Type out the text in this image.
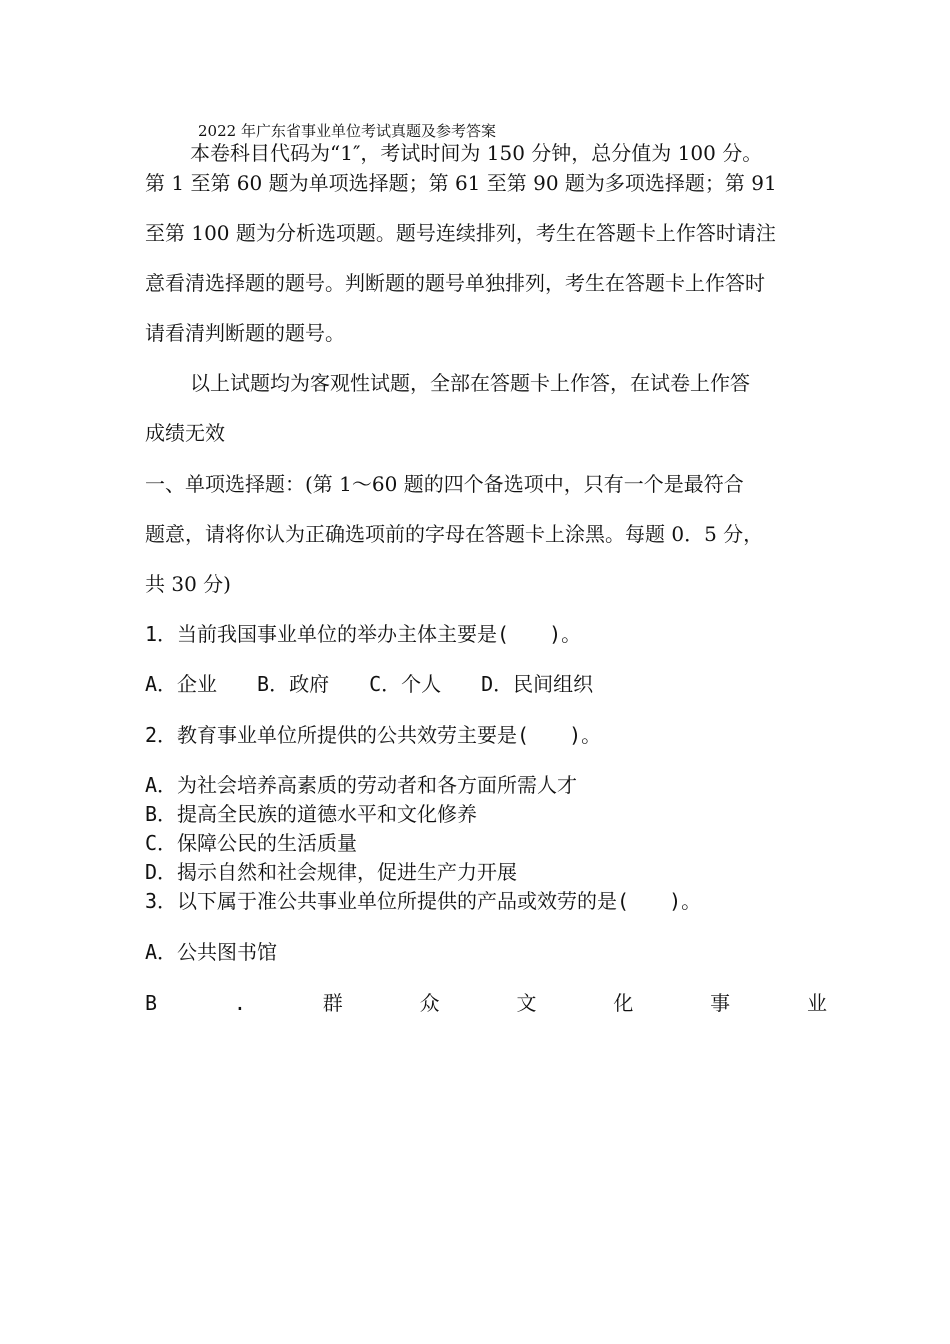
2022 年广东省事业单位考试真题及参考答案
本卷科目代码为“1″，考试时间为 150 分钟，总分值为 100 分。
第 1 至第 60 题为单项选择题；第 61 至第 90 题为多项选择题；第 91
至第 100 题为分析选项题。题号连续排列，考生在答题卡上作答时请注
意看清选择题的题号。判断题的题号单独排列，考生在答题卡上作答时
请看清判断题的题号。
以上试题均为客观性试题，全部在答题卡上作答，在试卷上作答
成绩无效
一、单项选择题：(第 1～60 题的四个备选项中，只有一个是最符合
题意，请将你认为正确选项前的字母在答题卡上涂黑。每题 0．5 分，
共 30 分)
1．当前我国事业单位的举办主体主要是(　　)。
A．企业　　B．政府　　C．个人　　D．民间组织
2．教育事业单位所提供的公共效劳主要是(　　)。
A．为社会培养高素质的劳动者和各方面所需人才
B．提高全民族的道德水平和文化修养
C．保障公民的生活质量
D．揭示自然和社会规律，促进生产力开展
3．以下属于准公共事业单位所提供的产品或效劳的是(　　)。
A．公共图书馆
B	.	群	众	文	化	事	业
